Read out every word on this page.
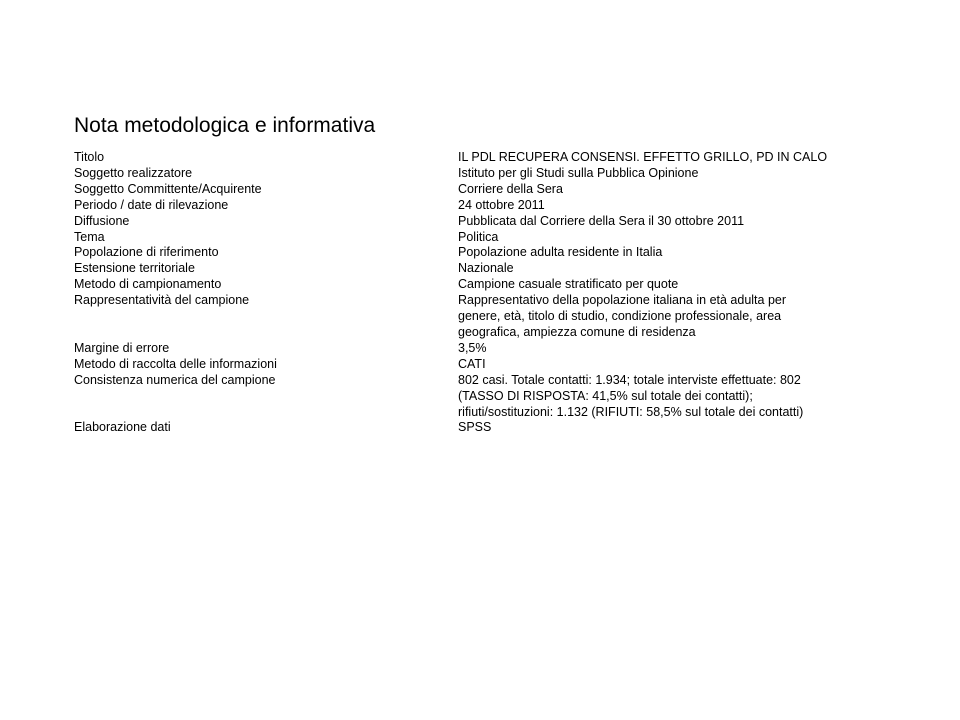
Nota metodologica e informativa
Titolo	IL PDL RECUPERA CONSENSI. EFFETTO GRILLO, PD IN CALO
Soggetto realizzatore	Istituto per gli Studi sulla Pubblica Opinione
Soggetto Committente/Acquirente	Corriere della Sera
Periodo / date di rilevazione	24 ottobre 2011
Diffusione	Pubblicata dal Corriere della Sera il 30 ottobre 2011
Tema	Politica
Popolazione di riferimento	Popolazione adulta residente in Italia
Estensione territoriale	Nazionale
Metodo di campionamento	Campione casuale stratificato per quote
Rappresentatività del campione	Rappresentativo della popolazione italiana in età adulta per
genere, età, titolo di studio, condizione professionale, area
geografica, ampiezza comune di residenza
Margine di errore	3,5%
Metodo di raccolta delle informazioni	CATI
Consistenza numerica del campione	802 casi. Totale contatti: 1.934; totale interviste effettuate: 802
(TASSO DI RISPOSTA: 41,5% sul totale dei contatti);
rifiuti/sostituzioni: 1.132 (RIFIUTI: 58,5% sul totale dei contatti)
Elaborazione dati	SPSS
